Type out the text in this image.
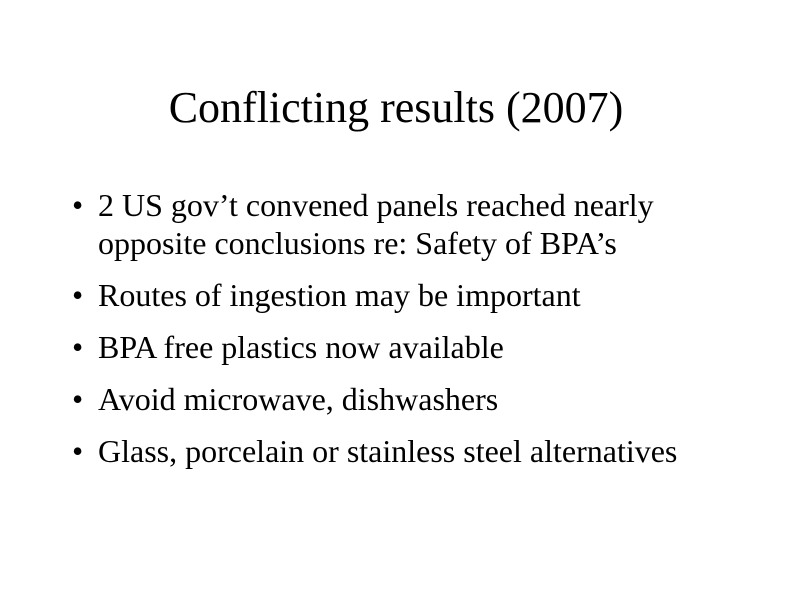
Conflicting results (2007)
• 2 US gov’t convened panels reached nearly opposite conclusions re: Safety of BPA’s
• Routes of ingestion may be important
• BPA free plastics now available
• Avoid microwave, dishwashers
• Glass, porcelain or stainless steel alternatives
